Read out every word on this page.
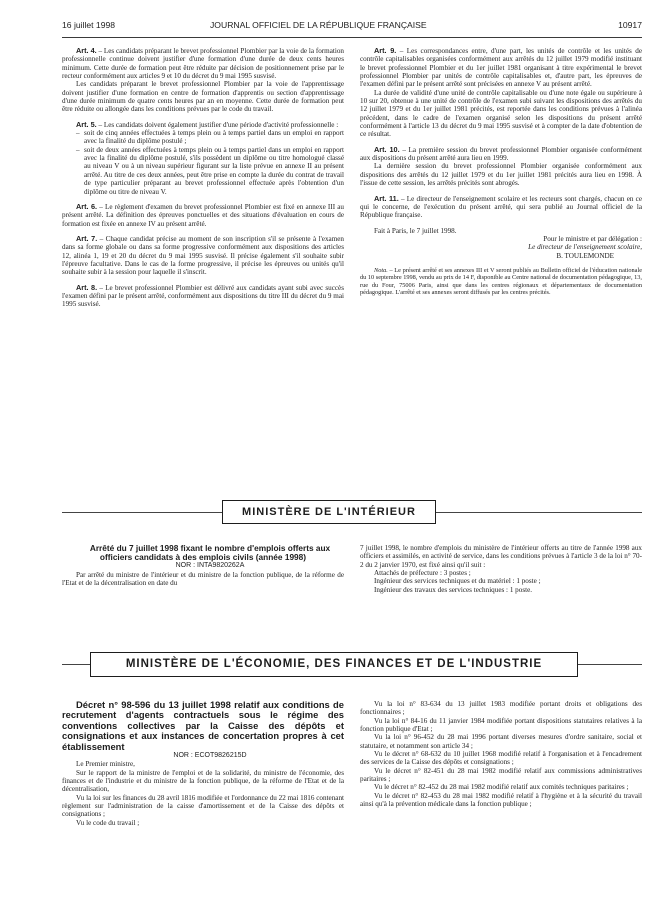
16 juillet 1998	JOURNAL OFFICIEL DE LA RÉPUBLIQUE FRANÇAISE	10917

Art. 4. – Les candidats préparant le brevet professionnel Plombier par la voie de la formation professionnelle continue doivent justifier d'une formation d'une durée de deux cents heures minimum. Cette durée de formation peut être réduite par décision de positionnement prise par le recteur conformément aux articles 9 et 10 du décret du 9 mai 1995 susvisé.

Les candidats préparant le brevet professionnel Plombier par la voie de l'apprentissage doivent justifier d'une formation en centre de formation d'apprentis ou section d'apprentissage d'une durée minimum de quatre cents heures par an en moyenne. Cette durée de formation peut être réduite ou allongée dans les conditions prévues par le code du travail.

Art. 5. – Les candidats doivent également justifier d'une période d'activité professionnelle :

– soit de cinq années effectuées à temps plein ou à temps partiel dans un emploi en rapport avec la finalité du diplôme postulé ;

– soit de deux années effectuées à temps plein ou à temps partiel dans un emploi en rapport avec la finalité du diplôme postulé, s'ils possèdent un diplôme ou titre homologué classé au niveau V ou à un niveau supérieur figurant sur la liste prévue en annexe II au présent arrêté. Au titre de ces deux années, peut être prise en compte la durée du contrat de travail de type particulier préparant au brevet professionnel effectuée après l'obtention d'un diplôme ou titre de niveau V.

Art. 6. – Le règlement d'examen du brevet professionnel Plombier est fixé en annexe III au présent arrêté. La définition des épreuves ponctuelles et des situations d'évaluation en cours de formation est fixée en annexe IV au présent arrêté.

Art. 7. – Chaque candidat précise au moment de son inscription s'il se présente à l'examen dans sa forme globale ou dans sa forme progressive conformément aux dispositions des articles 12, alinéa 1, 19 et 20 du décret du 9 mai 1995 susvisé. Il précise également s'il souhaite subir l'épreuve facultative. Dans le cas de la forme progressive, il précise les épreuves ou unités qu'il souhaite subir à la session pour laquelle il s'inscrit.

Art. 8. – Le brevet professionnel Plombier est délivré aux candidats ayant subi avec succès l'examen défini par le présent arrêté, conformément aux dispositions du titre III du décret du 9 mai 1995 susvisé.

Art. 9. – Les correspondances entre, d'une part, les unités de contrôle et les unités de contrôle capitalisables organisées conformément aux arrêtés du 12 juillet 1979 modifié instituant le brevet professionnel Plombier et du 1er juillet 1981 organisant à titre expérimental le brevet professionnel Plombier par unités de contrôle capitalisables et, d'autre part, les épreuves de l'examen défini par le présent arrêté sont précisées en annexe V au présent arrêté.

La durée de validité d'une unité de contrôle capitalisable ou d'une note égale ou supérieure à 10 sur 20, obtenue à une unité de contrôle de l'examen subi suivant les dispositions des arrêtés du 12 juillet 1979 et du 1er juillet 1981 précités, est reportée dans les conditions prévues à l'alinéa précédent, dans le cadre de l'examen organisé selon les dispositions du présent arrêté conformément à l'article 13 du décret du 9 mai 1995 susvisé et à compter de la date d'obtention de ce résultat.

Art. 10. – La première session du brevet professionnel Plombier organisée conformément aux dispositions du présent arrêté aura lieu en 1999.

La dernière session du brevet professionnel Plombier organisée conformément aux dispositions des arrêtés du 12 juillet 1979 et du 1er juillet 1981 précités aura lieu en 1998. À l'issue de cette session, les arrêtés précités sont abrogés.

Art. 11. – Le directeur de l'enseignement scolaire et les recteurs sont chargés, chacun en ce qui le concerne, de l'exécution du présent arrêté, qui sera publié au Journal officiel de la République française.

Fait à Paris, le 7 juillet 1998.

Pour le ministre et par délégation :

Le directeur de l'enseignement scolaire,

B. TOULEMONDE

Nota. – Le présent arrêté et ses annexes III et V seront publiés au Bulletin officiel de l'éducation nationale du 10 septembre 1998, vendu au prix de 14 F, disponible au Centre national de documentation pédagogique, 13, rue du Four, 75006 Paris, ainsi que dans les centres régionaux et départementaux de documentation pédagogique. L'arrêté et ses annexes seront diffusés par les centres précités.

MINISTÈRE DE L'INTÉRIEUR

Arrêté du 7 juillet 1998 fixant le nombre d'emplois offerts aux officiers candidats à des emplois civils (année 1998)

NOR : INTA9820262A

Par arrêté du ministre de l'intérieur et du ministre de la fonction publique, de la réforme de l'Etat et de la décentralisation en date du

7 juillet 1998, le nombre d'emplois du ministère de l'intérieur offerts au titre de l'année 1998 aux officiers et assimilés, en activité de service, dans les conditions prévues à l'article 3 de la loi n° 70-2 du 2 janvier 1970, est fixé ainsi qu'il suit :

Attachés de préfecture : 3 postes ;

Ingénieur des services techniques et du matériel : 1 poste ;

Ingénieur des travaux des services techniques : 1 poste.

MINISTÈRE DE L'ÉCONOMIE, DES FINANCES ET DE L'INDUSTRIE

Décret n° 98-596 du 13 juillet 1998 relatif aux conditions de recrutement d'agents contractuels sous le régime des conventions collectives par la Caisse des dépôts et consignations et aux instances de concertation propres à cet établissement

NOR : ECOT9826215D

Le Premier ministre,

Sur le rapport de la ministre de l'emploi et de la solidarité, du ministre de l'économie, des finances et de l'industrie et du ministre de la fonction publique, de la réforme de l'Etat et de la décentralisation,

Vu la loi sur les finances du 28 avril 1816 modifiée et l'ordonnance du 22 mai 1816 contenant règlement sur l'administration de la caisse d'amortissement et de la Caisse des dépôts et consignations ;

Vu le code du travail ;

Vu la loi n° 83-634 du 13 juillet 1983 modifiée portant droits et obligations des fonctionnaires ;

Vu la loi n° 84-16 du 11 janvier 1984 modifiée portant dispositions statutaires relatives à la fonction publique d'Etat ;

Vu la loi n° 96-452 du 28 mai 1996 portant diverses mesures d'ordre sanitaire, social et statutaire, et notamment son article 34 ;

Vu le décret n° 68-632 du 10 juillet 1968 modifié relatif à l'organisation et à l'encadrement des services de la Caisse des dépôts et consignations ;

Vu le décret n° 82-451 du 28 mai 1982 modifié relatif aux commissions administratives paritaires ;

Vu le décret n° 82-452 du 28 mai 1982 modifié relatif aux comités techniques paritaires ;

Vu le décret n° 82-453 du 28 mai 1982 modifié relatif à l'hygiène et à la sécurité du travail ainsi qu'à la prévention médicale dans la fonction publique ;
